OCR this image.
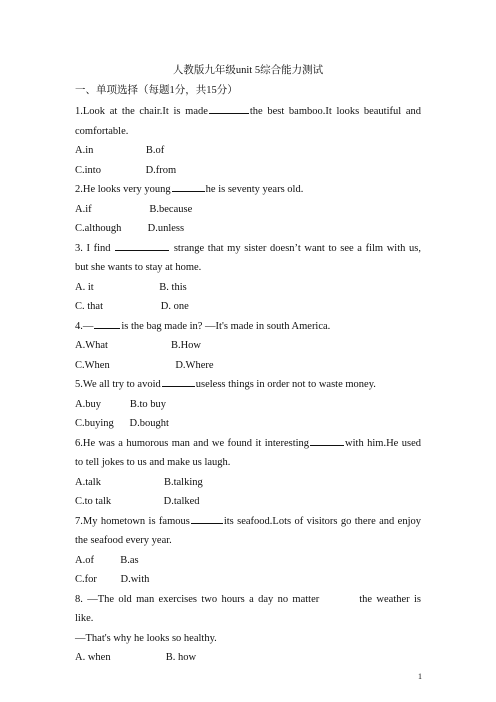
人教版九年级unit 5综合能力测试
一、单项选择（每题1分，共15分）
1.Look at the chair.It is made	the best bamboo.It looks beautiful and comfortable.
A.in                    B.of
C.into                 D.from
2.He looks very young	he is seventy years old.
A.if                      B.because
C.although          D.unless
3. I find	strange that my sister doesn’t want to see a film with us, but she wants to stay at home.
A. it                         B. this
C. that                      D. one
4.—	is the bag made in? —It's made in south America.
A.What                        B.How
C.When                         D.Where
5.We all try to avoid	useless things in order not to waste money.
A.buy           B.to buy
C.buying      D.bought
6.He was a humorous man and we found it interesting	with him.He used to tell jokes to us and make us laugh.
A.talk                        B.talking
C.to talk                    D.talked
7.My hometown is famous	its seafood.Lots of visitors go there and enjoy the seafood every year.
A.of          B.as
C.for         D.with
8. —The old man exercises two hours a day no matter	the weather is like.
—That's why he looks so healthy.
A. when                     B. how
1
